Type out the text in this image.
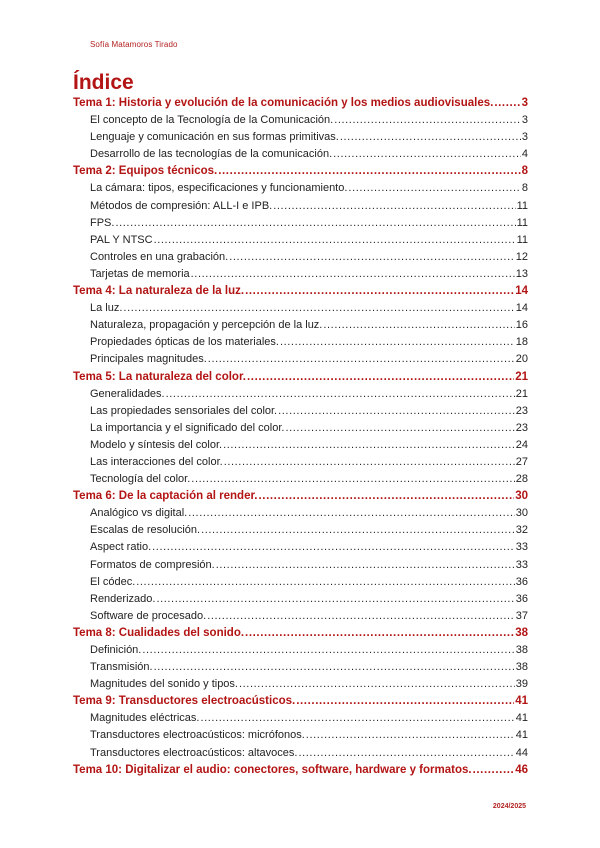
Sofía Matamoros Tirado
Índice
Tema 1: Historia y evolución de la comunicación y los medios audiovisuales. ..... 3
El concepto de la Tecnología de la Comunicación. .....	3
Lenguaje y comunicación en sus formas primitivas. .....	3
Desarrollo de las tecnologías de la comunicación. .....	4
Tema 2: Equipos técnicos. .....	8
La cámara: tipos, especificaciones y funcionamiento. .....	8
Métodos de compresión: ALL-I e IPB. .....	11
FPS. .....	11
PAL Y NTSC .....	11
Controles en una grabación. .....	12
Tarjetas de memoria .....	13
Tema 4: La naturaleza de la luz. .....	14
La luz. .....	14
Naturaleza, propagación y percepción de la luz. .....	16
Propiedades ópticas de los materiales. .....	18
Principales magnitudes. .....	20
Tema 5: La naturaleza del color. .....	21
Generalidades. .....	21
Las propiedades sensoriales del color. .....	23
La importancia y el significado del color. .....	23
Modelo y síntesis del color. .....	24
Las interacciones del color. .....	27
Tecnología del color. .....	28
Tema 6: De la captación al render. .....	30
Analógico vs digital. .....	30
Escalas de resolución. .....	32
Aspect ratio. .....	33
Formatos de compresión. .....	33
El códec. .....	36
Renderizado. .....	36
Software de procesado. .....	37
Tema 8: Cualidades del sonido. .....	38
Definición. .....	38
Transmisión. .....	38
Magnitudes del sonido y tipos. .....	39
Tema 9: Transductores electroacústicos. .....	41
Magnitudes eléctricas. .....	41
Transductores electroacústicos: micrófonos. .....	41
Transductores electroacústicos: altavoces. .....	44
Tema 10: Digitalizar el audio: conectores, software, hardware y formatos. .....	46
2024/2025
